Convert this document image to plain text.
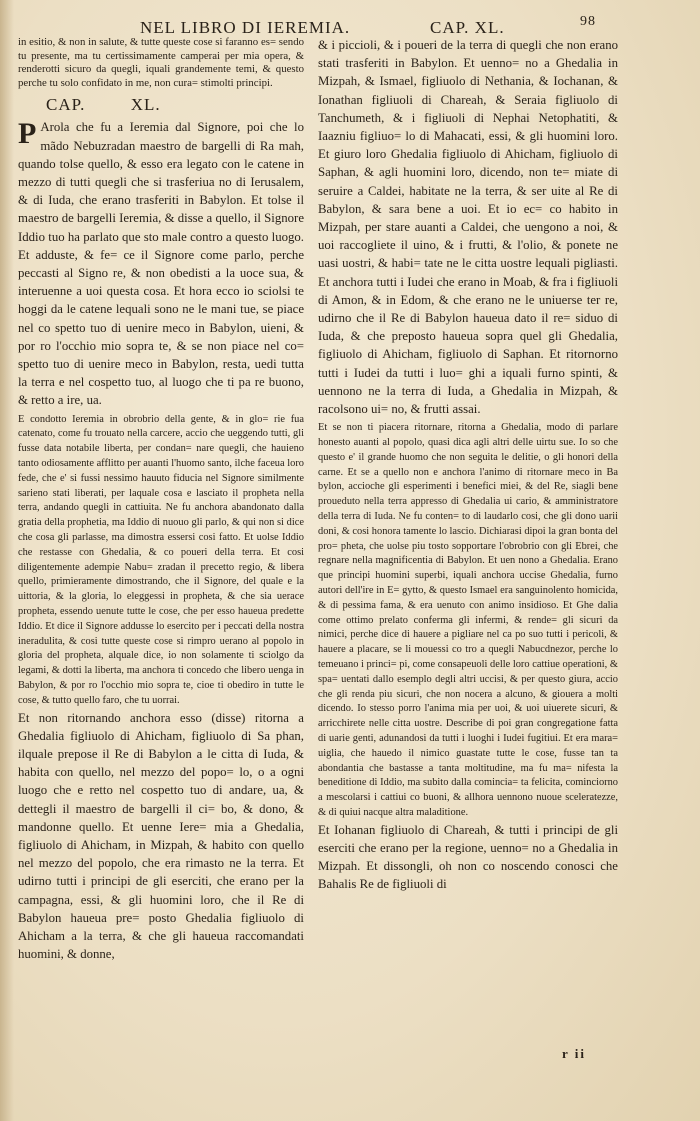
NEL LIBRO DI IEREMIA.	CAP. XL.	98

in esitio, & non in salute, & tutte queste cose si faranno es= sendo tu presente, ma tu certissimamente camperai per mia opera, & renderotti sicuro da quegli, iquali grandemente temi, & questo perche tu solo confidato in me, non cura= stimolti principi.

CAP.	XL.

P Arola che fu a Ieremia dal Signore, poi che lo mãdo Nebuzradan maestro de bargelli di Ra mah, quando tolse quello, & esso era legato con le catene in mezzo di tutti quegli che si trasferiua no di Ierusalem, & di Iuda, che erano trasferiti in Babylon. Et tolse il maestro de bargelli Ieremia, & disse a quello, il Signore Iddio tuo ha parlato que sto male contro a questo luogo. Et adduste, & fe= ce il Signore come parlo, perche peccasti al Signo re, & non obedisti a la uoce sua, & interuenne a uoi questa cosa. Et hora ecco io sciolsi te hoggi da le catene lequali sono ne le mani tue, se piace nel co spetto tuo di uenire meco in Babylon, uieni, & por ro l'occhio mio sopra te, & se non piace nel co= spetto tuo di uenire meco in Babylon, resta, uedi tutta la terra e nel cospetto tuo, al luogo che ti pa re buono, & retto a ire, ua.

E condotto Ieremia in obrobrio della gente, & in glo= rie fua catenato, come fu trouato nella carcere, accio che ueggendo tutti, gli fusse data notabile liberta, per condan= nare quegli, che hauieno tanto odiosamente afflitto per auanti l'huomo santo, ilche faceua loro fede, che e' si fussi nessimo hauuto fiducia nel Signore similmente sarieno stati liberati, per laquale cosa e lasciato il propheta nella terra, andando quegli in cattiuita. Ne fu anchora abandonato dalla gratia della prophetia, ma Iddio di nuouo gli parlo, & qui non si dice che cosa gli parlasse, ma dimostra essersi cosi fatto. Et uolse Iddio che restasse con Ghedalia, & co poueri della terra. Et cosi diligentemente adempie Nabu= zradan il precetto regio, & libera quello, primieramente dimostrando, che il Signore, del quale e la uittoria, & la gloria, lo eleggessi in propheta, & che sia uerace propheta, essendo uenute tutte le cose, che per esso haueua predette Iddio. Et dice il Signore addusse lo esercito per i peccati della nostra ineradulita, & cosi tutte queste cose si rimpro uerano al popolo in gloria del propheta, alquale dice, io non solamente ti sciolgo da legami, & dotti la liberta, ma anchora ti concedo che libero uenga in Babylon, & por ro l'occhio mio sopra te, cioe ti obediro in tutte le cose, & tutto quello faro, che tu uorrai.

Et non ritornando anchora esso (disse) ritorna a Ghedalia figliuolo di Ahicham, figliuolo di Sa phan, ilquale prepose il Re di Babylon a le citta di Iuda, & habita con quello, nel mezzo del popo= lo, o a ogni luogo che e retto nel cospetto tuo di andare, ua, & dettegli il maestro de bargelli il ci= bo, & dono, & mandonne quello. Et uenne Iere= mia a Ghedalia, figliuolo di Ahicham, in Mizpah, & habito con quello nel mezzo del popolo, che era rimasto ne la terra. Et udirno tutti i principi de gli eserciti, che erano per la campagna, essi, & gli huomini loro, che il Re di Babylon haueua pre= posto Ghedalia figliuolo di Ahicham a la terra, & che gli haueua raccomandati huomini, & donne,

& i piccioli, & i poueri de la terra di quegli che non erano stati trasferiti in Babylon. Et uenno= no a Ghedalia in Mizpah, & Ismael, figliuolo di Nethania, & Iochanan, & Ionathan figliuoli di Chareah, & Seraia figliuolo di Tanchumeth, & i figliuoli di Nephai Netophatiti, & Iaazniu figliuo= lo di Mahacati, essi, & gli huomini loro. Et giuro loro Ghedalia figliuolo di Ahicham, figliuolo di Saphan, & agli huomini loro, dicendo, non te= miate di seruire a Caldei, habitate ne la terra, & ser uite al Re di Babylon, & sara bene a uoi. Et io ec= co habito in Mizpah, per stare auanti a Caldei, che uengono a noi, & uoi raccogliete il uino, & i frutti, & l'olio, & ponete ne uasi uostri, & habi= tate ne le citta uostre lequali pigliasti. Et anchora tutti i Iudei che erano in Moab, & fra i figliuoli di Amon, & in Edom, & che erano ne le uniuerse ter re, udirno che il Re di Babylon haueua dato il re= siduo di Iuda, & che preposto haueua sopra quel gli Ghedalia, figliuolo di Ahicham, figliuolo di Saphan. Et ritornorno tutti i Iudei da tutti i luo= ghi a iquali furno spinti, & uennono ne la terra di Iuda, a Ghedalia in Mizpah, & racolsono ui= no, & frutti assai.

Et se non ti piacera ritornare, ritorna a Ghedalia, modo di parlare honesto auanti al popolo, quasi dica agli altri delle uirtu sue. Io so che questo e' il grande huomo che non seguita le delitie, o gli honori della carne. Et se a quello non e anchora l'animo di ritornare meco in Ba bylon, accioche gli esperimenti i benefici miei, & del Re, siagli bene proueduto nella terra appresso di Ghedalia ui cario, & amministratore della terra di Iuda. Ne fu conten= to di laudarlo cosi, che gli dono uarii doni, & cosi honora tamente lo lascio. Dichiarasi dipoi la gran bonta del pro= pheta, che uolse piu tosto sopportare l'obrobrio con gli Ebrei, che regnare nella magnificentia di Babylon. Et uen nono a Ghedalia. Erano que principi huomini superbi, iquali anchora uccise Ghedalia, furno autori dell'ire in E= gytto, & questo Ismael era sanguinolento homicida, & di pessima fama, & era uenuto con animo insidioso. Et Ghe dalia come ottimo prelato conferma gli infermi, & rende= gli sicuri da nimici, perche dice di hauere a pigliare nel ca po suo tutti i pericoli, & hauere a placare, se li mouessi co tro a quegli Nabucdnezor, perche lo temeuano i princi= pi, come consapeuoli delle loro cattiue operationi, & spa= uentati dallo esemplo degli altri uccisi, & per questo giura, accio che gli renda piu sicuri, che non nocera a alcuno, & giouera a molti dicendo. Io stesso porro l'anima mia per uoi, & uoi uiuerete sicuri, & arricchirete nelle citta uostre. Describe di poi gran congregatione fatta di uarie genti, adunandosi da tutti i luoghi i Iudei fugitiui. Et era mara= uiglia, che hauedo il nimico guastate tutte le cose, fusse tan ta abondantia che bastasse a tanta moltitudine, ma fu ma= nifesta la beneditione di Iddio, ma subito dalla comincia= ta felicita, cominciorno a mescolarsi i cattiui co buoni, & allhora uennono nuoue sceleratezze, & di quiui nacque altra maladitione.

Et Iohanan figliuolo di Chareah, & tutti i principi de gli eserciti che erano per la regione, uenno= no a Ghedalia in Mizpah. Et dissongli, oh non co noscendo conosci che Bahalis Re de figliuoli di

r ii
